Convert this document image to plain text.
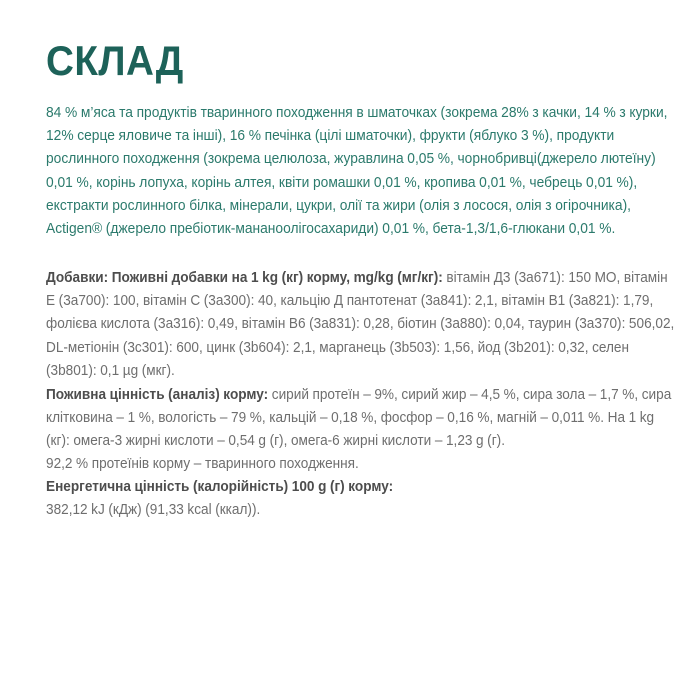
СКЛАД

84 % м’яса та продуктів тваринного походження в шматочках (зокрема 28% з качки, 14 % з курки, 12% серце яловиче та інші), 16 % печінка (цілі шматочки), фрукти (яблуко 3 %), продукти рослинного походження (зокрема целюлоза, журавлина 0,05 %, чорнобривці(джерело лютеїну) 0,01 %, корінь лопуха, корінь алтея, квіти ромашки 0,01 %, кропива 0,01 %, чебрець 0,01 %), екстракти рослинного білка, мінерали, цукри, олії та жири (олія з лосося, олія з огірочника), Actigen® (джерело пребіотик-мананоолігосахариди) 0,01 %, бета-1,3/1,6-глюкани 0,01 %.

Добавки: Поживні добавки на 1 kg (кг) корму, mg/kg (мг/кг): вітамін Д3 (3а671): 150 МО, вітамін Е (3а700): 100, вітамін С (3а300): 40, кальцію Д пантотенат (3а841): 2,1, вітамін В1 (3а821): 1,79, фолієва кислота (3а316): 0,49, вітамін В6 (3а831): 0,28, біотин (3а880): 0,04, таурин (3а370): 506,02, DL-метіонін (3с301): 600, цинк (3b604): 2,1, марганець (3b503): 1,56, йод (3b201): 0,32, селен (3b801): 0,1 µg (мкг).

Поживна цінність (аналіз) корму: сирий протеїн – 9%, сирий жир – 4,5 %, сира зола – 1,7 %, сира клітковина – 1 %, вологість – 79 %, кальцій – 0,18 %, фосфор – 0,16 %, магній – 0,011 %. На 1 kg (кг): омега-3 жирні кислоти – 0,54 g (г), омега-6 жирні кислоти – 1,23 g (г).
92,2 % протеїнів корму – тваринного походження.

Енергетична цінність (калорійність) 100 g (г) корму:
382,12 kJ (кДж) (91,33 kcal (ккал)).
